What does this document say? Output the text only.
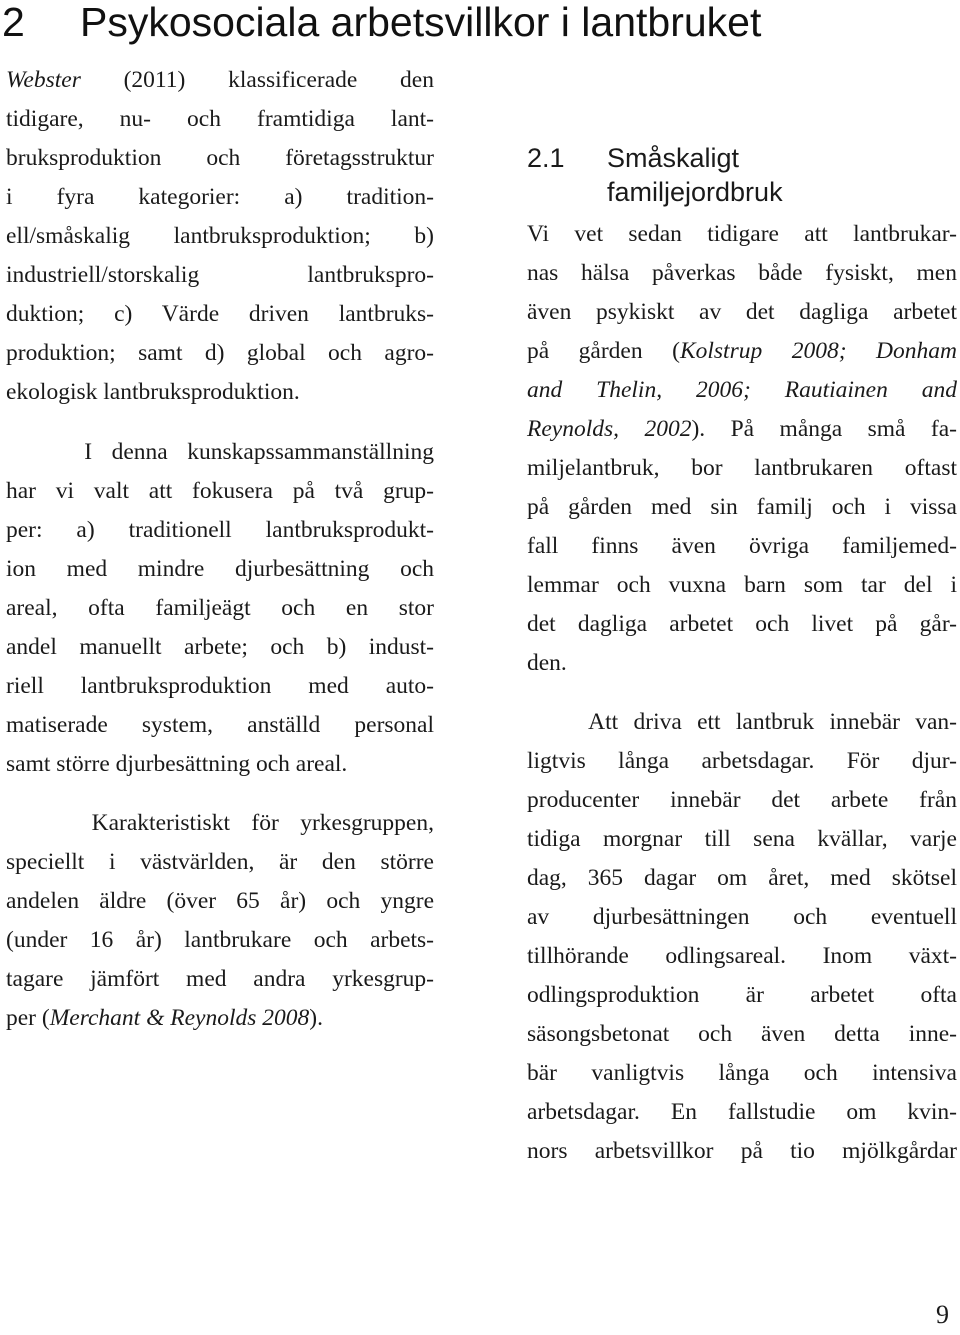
2 Psykosociala arbetsvillkor i lantbruket
Webster (2011) klassificerade den
tidigare, nu- och framtidiga lant-
bruksproduktion och företagsstruktur
i fyra kategorier: a) tradition-
ell/småskalig lantbruksproduktion; b)
industriell/storskalig lantbrukspro-
duktion; c) Värde driven lantbruks-
produktion; samt d) global och agro-
ekologisk lantbruksproduktion.
I denna kunskapssammanställning
har vi valt att fokusera på två grup-
per: a) traditionell lantbruksprodukt-
ion med mindre djurbesättning och
areal, ofta familjeägt och en stor
andel manuellt arbete; och b) indust-
riell lantbruksproduktion med auto-
matiserade system, anställd personal
samt större djurbesättning och areal.
Karakteristiskt för yrkesgruppen,
speciellt i västvärlden, är den större
andelen äldre (över 65 år) och yngre
(under 16 år) lantbrukare och arbets-
tagare jämfört med andra yrkesgrup-
per (Merchant & Reynolds 2008).
2.1 Småskaligt
familjejordbruk
Vi vet sedan tidigare att lantbrukar-
nas hälsa påverkas både fysiskt, men
även psykiskt av det dagliga arbetet
på gården (Kolstrup 2008; Donham
and Thelin, 2006; Rautiainen and
Reynolds, 2002). På många små fa-
miljelantbruk, bor lantbrukaren oftast
på gården med sin familj och i vissa
fall finns även övriga familjemed-
lemmar och vuxna barn som tar del i
det dagliga arbetet och livet på går-
den.
Att driva ett lantbruk innebär van-
ligtvis långa arbetsdagar. För djur-
producenter innebär det arbete från
tidiga morgnar till sena kvällar, varje
dag, 365 dagar om året, med skötsel
av djurbesättningen och eventuell
tillhörande odlingsareal. Inom växt-
odlingsproduktion är arbetet ofta
säsongsbetonat och även detta inne-
bär vanligtvis långa och intensiva
arbetsdagar. En fallstudie om kvin-
nors arbetsvillkor på tio mjölkgårdar
9
